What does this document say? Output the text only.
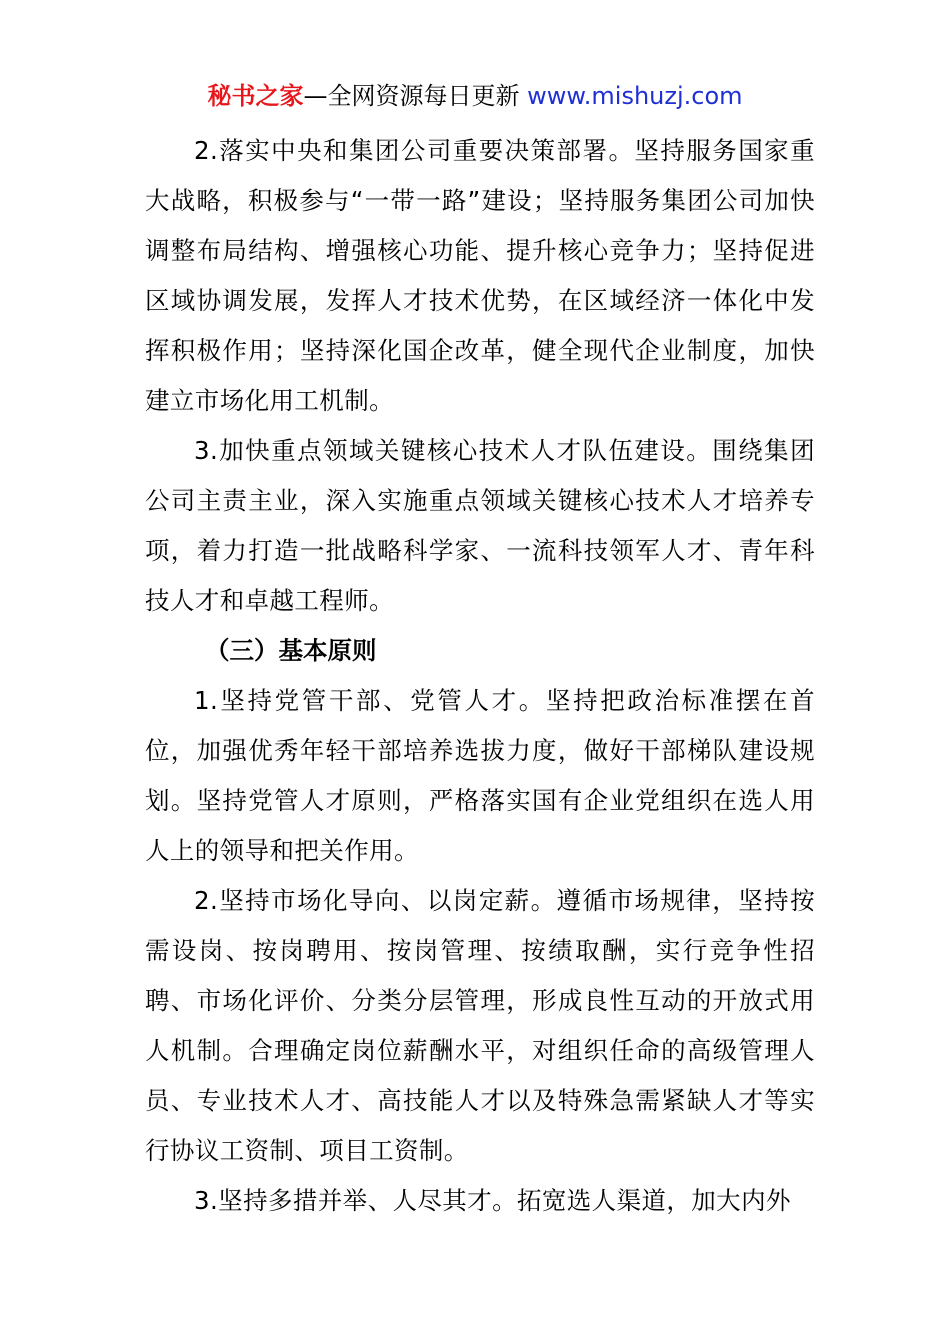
秘书之家—全网资源每日更新 www.mishuzj.com

2.落实中央和集团公司重要决策部署。坚持服务国家重大战略，积极参与“一带一路”建设；坚持服务集团公司加快调整布局结构、增强核心功能、提升核心竞争力；坚持促进区域协调发展，发挥人才技术优势，在区域经济一体化中发挥积极作用；坚持深化国企改革，健全现代企业制度，加快建立市场化用工机制。

3.加快重点领域关键核心技术人才队伍建设。围绕集团公司主责主业，深入实施重点领域关键核心技术人才培养专项，着力打造一批战略科学家、一流科技领军人才、青年科技人才和卓越工程师。

（三）基本原则

1.坚持党管干部、党管人才。坚持把政治标准摆在首位，加强优秀年轻干部培养选拔力度，做好干部梯队建设规划。坚持党管人才原则，严格落实国有企业党组织在选人用人上的领导和把关作用。

2.坚持市场化导向、以岗定薪。遵循市场规律，坚持按需设岗、按岗聘用、按岗管理、按绩取酬，实行竞争性招聘、市场化评价、分类分层管理，形成良性互动的开放式用人机制。合理确定岗位薪酬水平，对组织任命的高级管理人员、专业技术人才、高技能人才以及特殊急需紧缺人才等实行协议工资制、项目工资制。

3.坚持多措并举、人尽其才。拓宽选人渠道，加大内外
